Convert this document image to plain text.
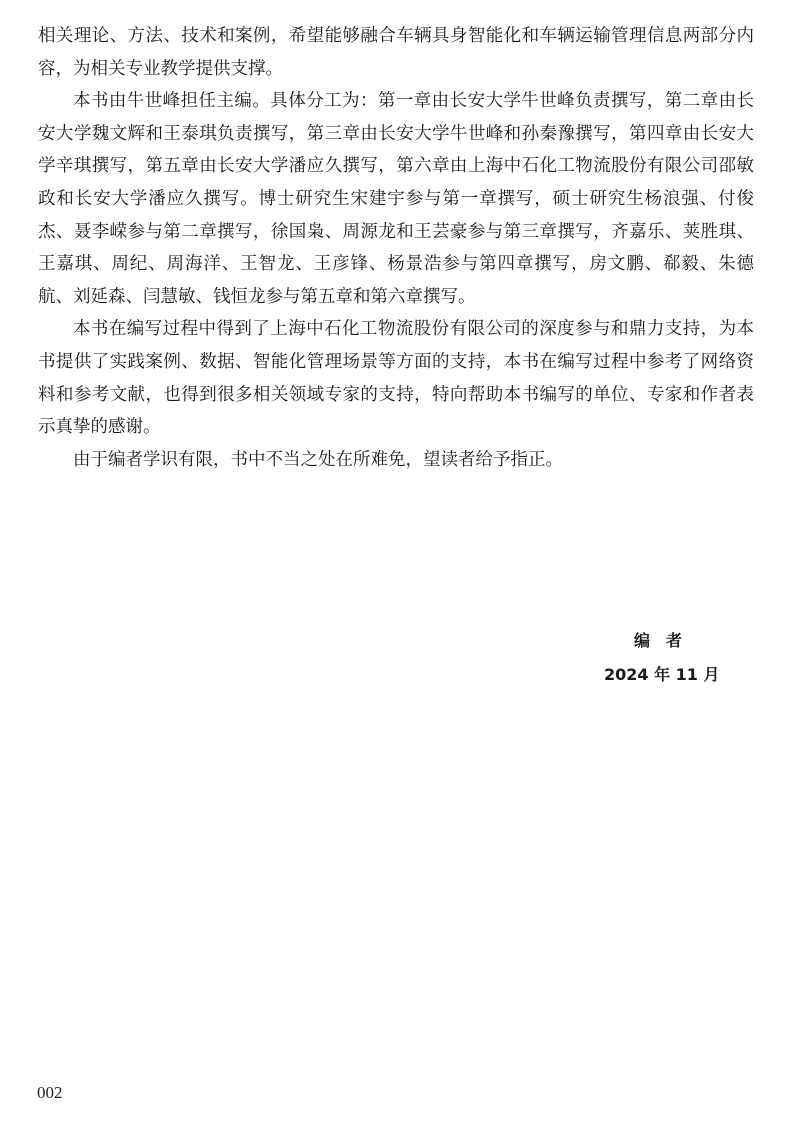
相关理论、方法、技术和案例，希望能够融合车辆具身智能化和车辆运输管理信息两部分内容，为相关专业教学提供支撑。

本书由牛世峰担任主编。具体分工为：第一章由长安大学牛世峰负责撰写，第二章由长安大学魏文辉和王泰琪负责撰写，第三章由长安大学牛世峰和孙秦豫撰写，第四章由长安大学辛琪撰写，第五章由长安大学潘应久撰写，第六章由上海中石化工物流股份有限公司邵敏政和长安大学潘应久撰写。博士研究生宋建宇参与第一章撰写，硕士研究生杨浪强、付俊杰、聂李嵘参与第二章撰写，徐国枭、周源龙和王芸豪参与第三章撰写，齐嘉乐、荚胜琪、王嘉琪、周纪、周海洋、王智龙、王彦锋、杨景浩参与第四章撰写，房文鹏、郗毅、朱德航、刘延森、闫慧敏、钱恒龙参与第五章和第六章撰写。

本书在编写过程中得到了上海中石化工物流股份有限公司的深度参与和鼎力支持，为本书提供了实践案例、数据、智能化管理场景等方面的支持，本书在编写过程中参考了网络资料和参考文献，也得到很多相关领域专家的支持，特向帮助本书编写的单位、专家和作者表示真挚的感谢。

由于编者学识有限，书中不当之处在所难免，望读者给予指正。

编　者
2024 年 11 月
002
